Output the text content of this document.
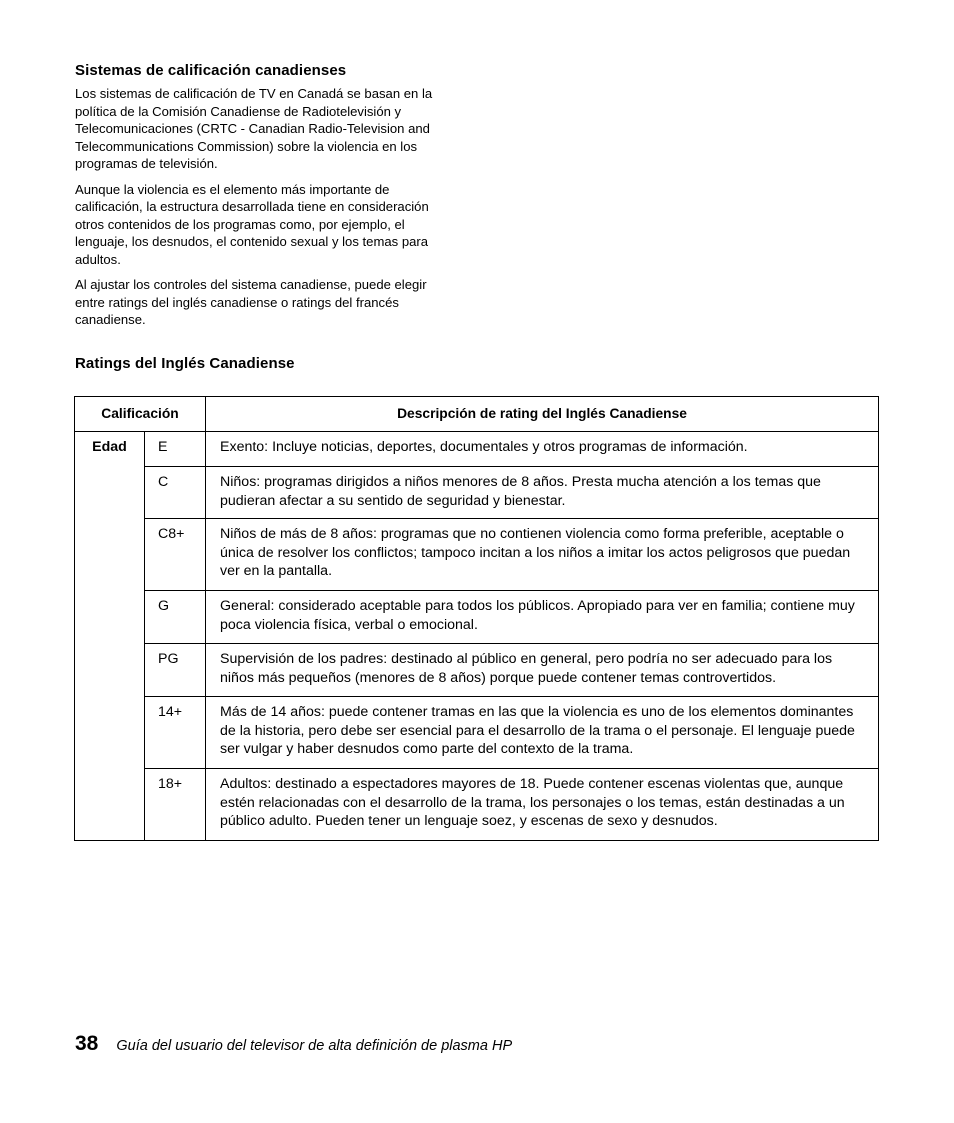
Sistemas de calificación canadienses

Los sistemas de calificación de TV en Canadá se basan en la política de la Comisión Canadiense de Radiotelevisión y Telecomunicaciones (CRTC - Canadian Radio-Television and Telecommunications Commission) sobre la violencia en los programas de televisión.

Aunque la violencia es el elemento más importante de calificación, la estructura desarrollada tiene en consideración otros contenidos de los programas como, por ejemplo, el lenguaje, los desnudos, el contenido sexual y los temas para adultos.

Al ajustar los controles del sistema canadiense, puede elegir entre ratings del inglés canadiense o ratings del francés canadiense.

Ratings del Inglés Canadiense
Calificación		Descripción de rating del Inglés Canadiense
Edad	E	Exento: Incluye noticias, deportes, documentales y otros programas de información.
	C	Niños: programas dirigidos a niños menores de 8 años. Presta mucha atención a los temas que pudieran afectar a su sentido de seguridad y bienestar.
	C8+	Niños de más de 8 años: programas que no contienen violencia como forma preferible, aceptable o única de resolver los conflictos; tampoco incitan a los niños a imitar los actos peligrosos que puedan ver en la pantalla.
	G	General: considerado aceptable para todos los públicos. Apropiado para ver en familia; contiene muy poca violencia física, verbal o emocional.
	PG	Supervisión de los padres: destinado al público en general, pero podría no ser adecuado para los niños más pequeños (menores de 8 años) porque puede contener temas controvertidos.
	14+	Más de 14 años: puede contener tramas en las que la violencia es uno de los elementos dominantes de la historia, pero debe ser esencial para el desarrollo de la trama o el personaje. El lenguaje puede ser vulgar y haber desnudos como parte del contexto de la trama.
	18+	Adultos: destinado a espectadores mayores de 18. Puede contener escenas violentas que, aunque estén relacionadas con el desarrollo de la trama, los personajes o los temas, están destinadas a un público adulto. Pueden tener un lenguaje soez, y escenas de sexo y desnudos.
38 Guía del usuario del televisor de alta definición de plasma HP
